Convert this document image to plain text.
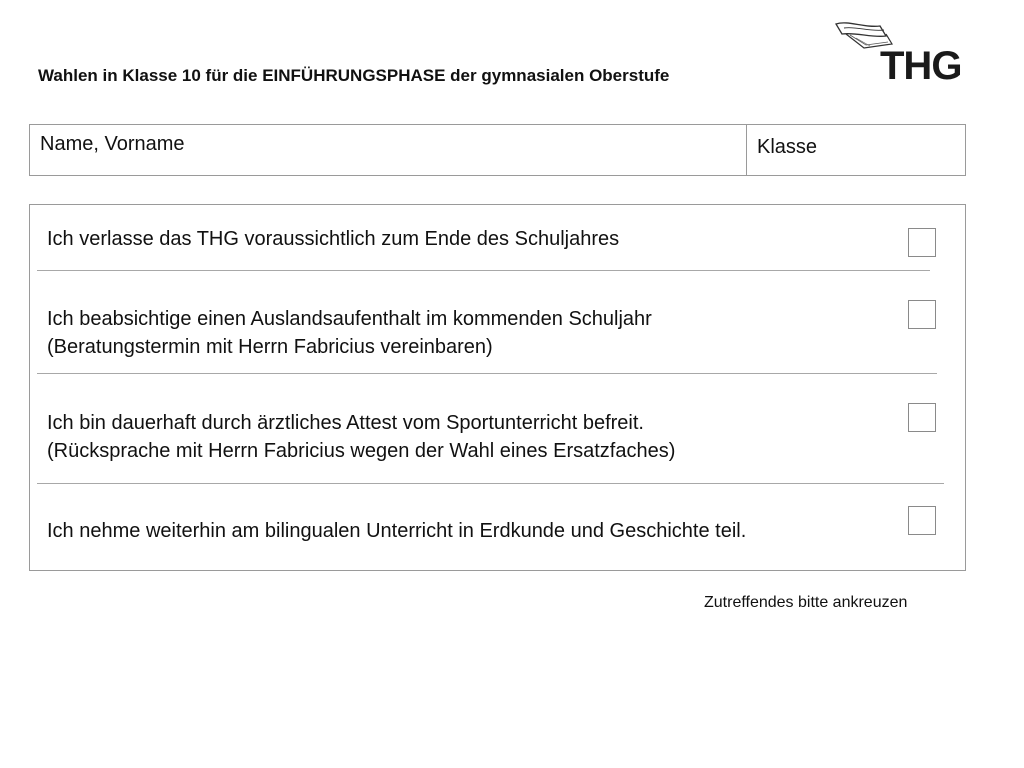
Wahlen in Klasse 10 für die EINFÜHRUNGSPHASE der gymnasialen Oberstufe	THG
Name, Vorname	Klasse
Ich verlasse das THG voraussichtlich zum Ende des Schuljahres
Ich beabsichtige einen Auslandsaufenthalt im kommenden Schuljahr
(Beratungstermin mit Herrn Fabricius vereinbaren)
Ich bin dauerhaft durch ärztliches Attest vom Sportunterricht befreit.
(Rücksprache mit Herrn Fabricius wegen der Wahl eines Ersatzfaches)
Ich nehme weiterhin am bilingualen Unterricht in Erdkunde und Geschichte teil.
Zutreffendes bitte ankreuzen
